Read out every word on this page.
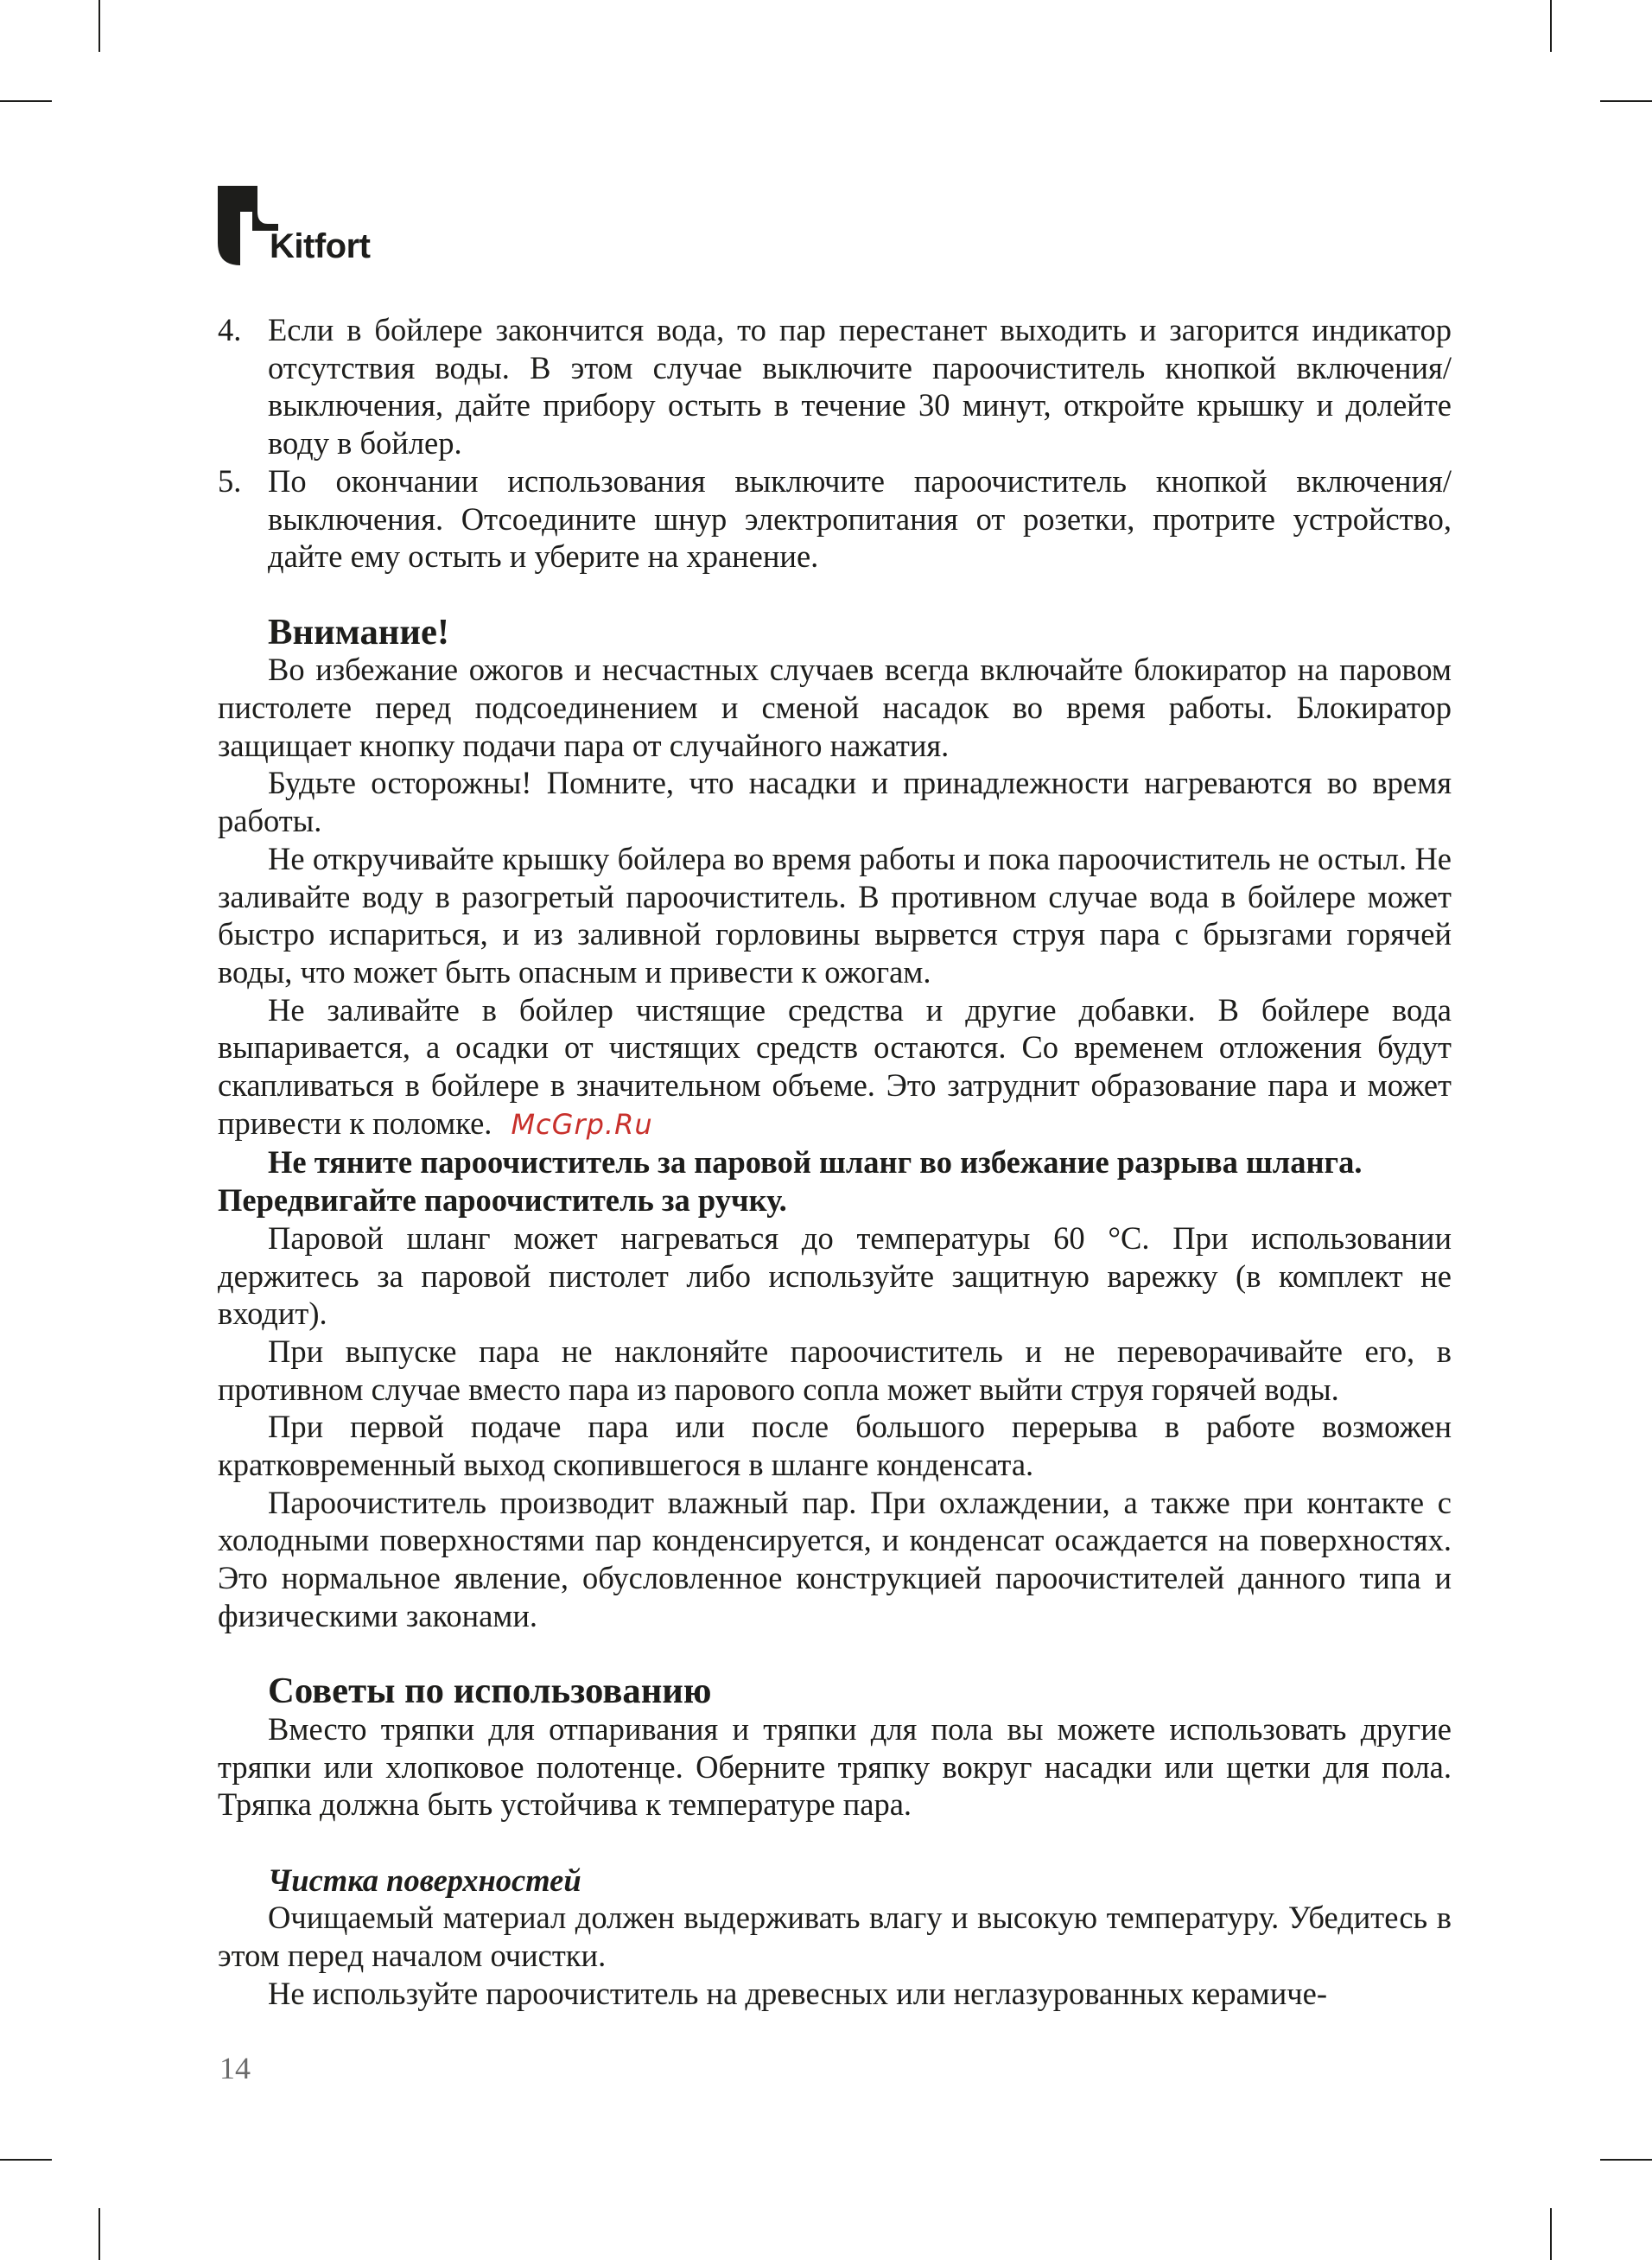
Kitfort
4. Если в бойлере закончится вода, то пар перестанет выходить и загорится индикатор отсутствия воды. В этом случае выключите пароочиститель кнопкой включения/выключения, дайте прибору остыть в течение 30 минут, откройте крышку и долейте воду в бойлер.
5. По окончании использования выключите пароочиститель кнопкой включения/выключения. Отсоедините шнур электропитания от розетки, протрите устройство, дайте ему остыть и уберите на хранение.
Внимание!

Во избежание ожогов и несчастных случаев всегда включайте блокиратор на паровом пистолете перед подсоединением и сменой насадок во время работы. Блокиратор защищает кнопку подачи пара от случайного нажатия.

Будьте осторожны! Помните, что насадки и принадлежности нагреваются во время работы.

Не откручивайте крышку бойлера во время работы и пока пароочиститель не остыл. Не заливайте воду в разогретый пароочиститель. В противном случае вода в бойлере может быстро испариться, и из заливной горловины вырвется струя пара с брызгами горячей воды, что может быть опасным и привести к ожогам.

Не заливайте в бойлер чистящие средства и другие добавки. В бойлере вода выпаривается, а осадки от чистящих средств остаются. Со временем отложения будут скапливаться в бойлере в значительном объеме. Это затруднит образование пара и может привести к поломке. McGrp.Ru

Не тяните пароочиститель за паровой шланг во избежание разрыва шланга.

Передвигайте пароочиститель за ручку.

Паровой шланг может нагреваться до температуры 60 °С. При использовании держитесь за паровой пистолет либо используйте защитную варежку (в комплект не входит).

При выпуске пара не наклоняйте пароочиститель и не переворачивайте его, в противном случае вместо пара из парового сопла может выйти струя горячей воды.

При первой подаче пара или после большого перерыва в работе возможен кратковременный выход скопившегося в шланге конденсата.

Пароочиститель производит влажный пар. При охлаждении, а также при контакте с холодными поверхностями пар конденсируется, и конденсат осаждается на поверхностях. Это нормальное явление, обусловленное конструкцией пароочистителей данного типа и физическими законами.

Советы по использованию

Вместо тряпки для отпаривания и тряпки для пола вы можете использовать другие тряпки или хлопковое полотенце. Оберните тряпку вокруг насадки или щетки для пола. Тряпка должна быть устойчива к температуре пара.

Чистка поверхностей

Очищаемый материал должен выдерживать влагу и высокую температуру. Убедитесь в этом перед началом очистки.

Не используйте пароочиститель на древесных или неглазурованных керамиче-

14
